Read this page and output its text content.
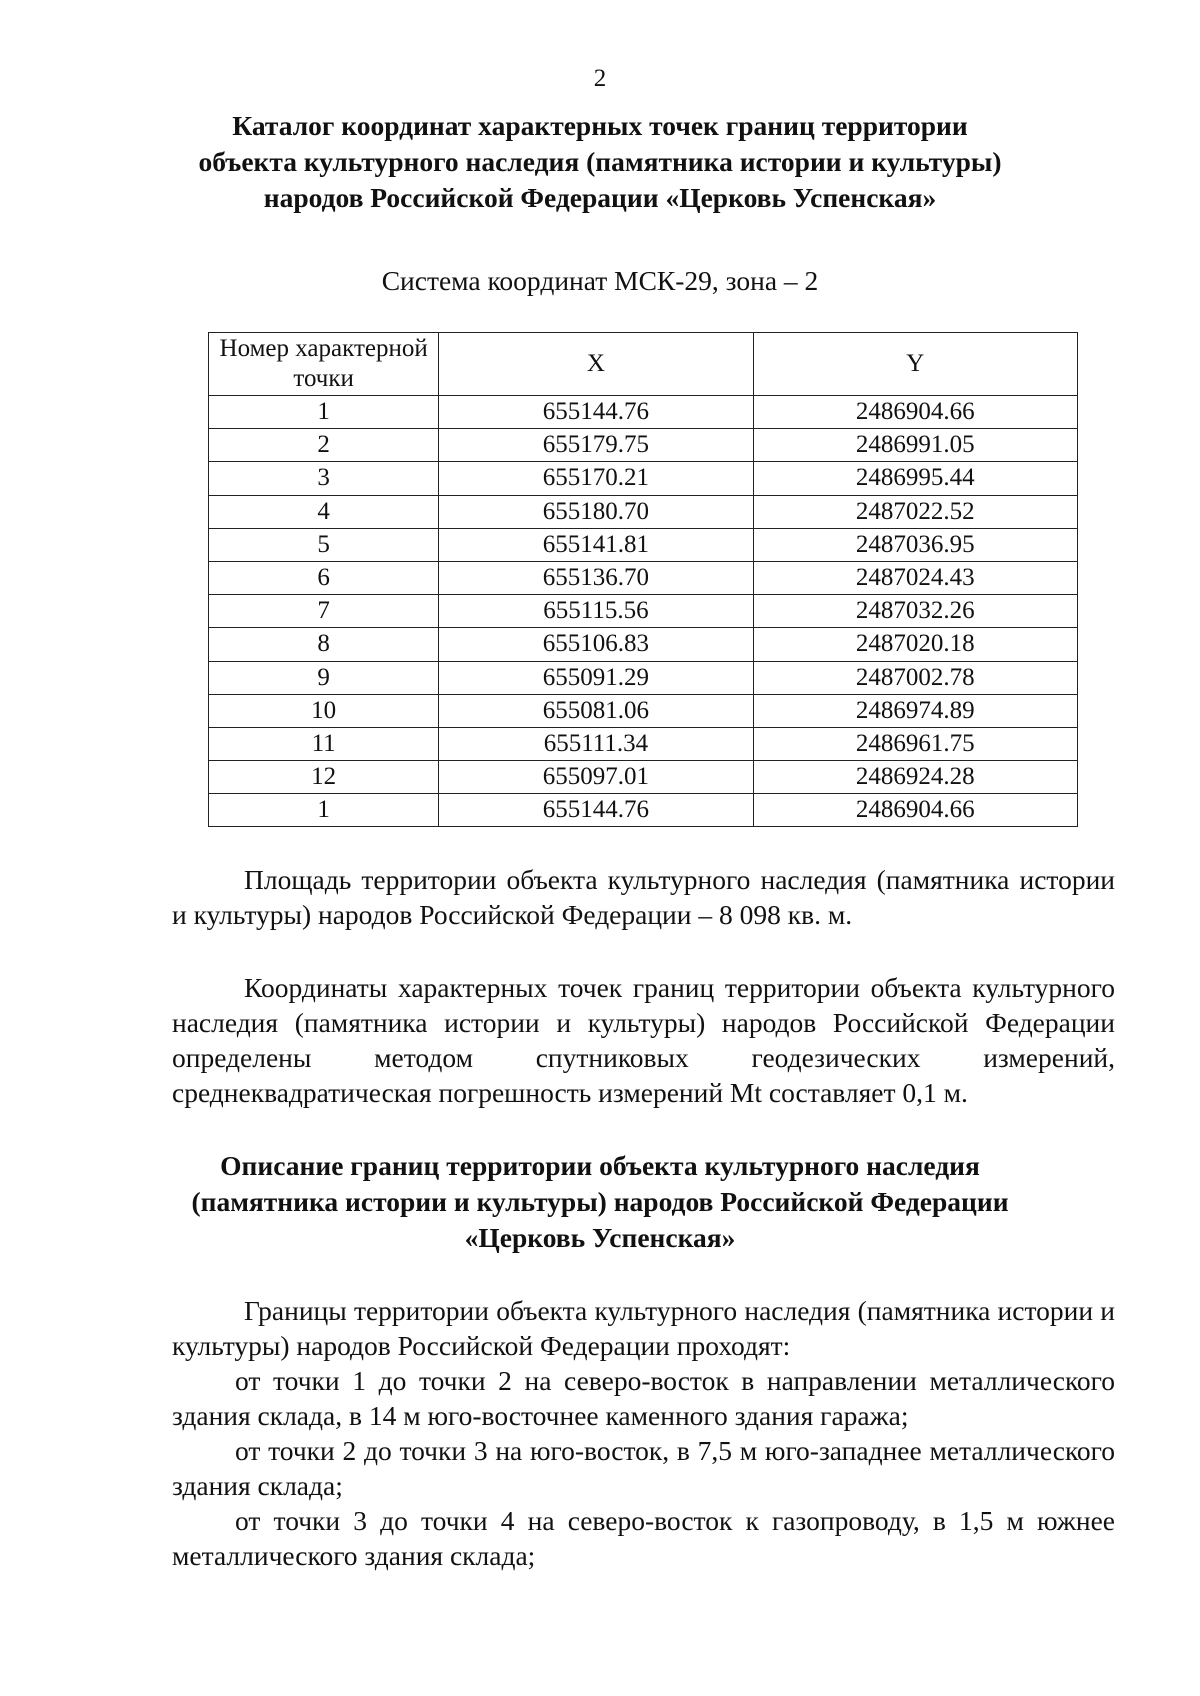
2
Каталог координат характерных точек границ территории
объекта культурного наследия (памятника истории и культуры)
народов Российской Федерации «Церковь Успенская»
Система координат МСК-29, зона – 2
Номер характерной точки	X	Y
1	655144.76	2486904.66
2	655179.75	2486991.05
3	655170.21	2486995.44
4	655180.70	2487022.52
5	655141.81	2487036.95
6	655136.70	2487024.43
7	655115.56	2487032.26
8	655106.83	2487020.18
9	655091.29	2487002.78
10	655081.06	2486974.89
11	655111.34	2486961.75
12	655097.01	2486924.28
1	655144.76	2486904.66
Площадь территории объекта культурного наследия (памятника истории и культуры) народов Российской Федерации – 8 098 кв. м.
Координаты характерных точек границ территории объекта культурного наследия (памятника истории и культуры) народов Российской Федерации определены методом спутниковых геодезических измерений, среднеквадратическая погрешность измерений Mt составляет 0,1 м.
Описание границ территории объекта культурного наследия
(памятника истории и культуры) народов Российской Федерации
«Церковь Успенская»

Границы территории объекта культурного наследия (памятника истории и культуры) народов Российской Федерации проходят:

от точки 1 до точки 2 на северо-восток в направлении металлического здания склада, в 14 м юго-восточнее каменного здания гаража;

от точки 2 до точки 3 на юго-восток, в 7,5 м юго-западнее металлического здания склада;

от точки 3 до точки 4 на северо-восток к газопроводу, в 1,5 м южнее металлического здания склада;
